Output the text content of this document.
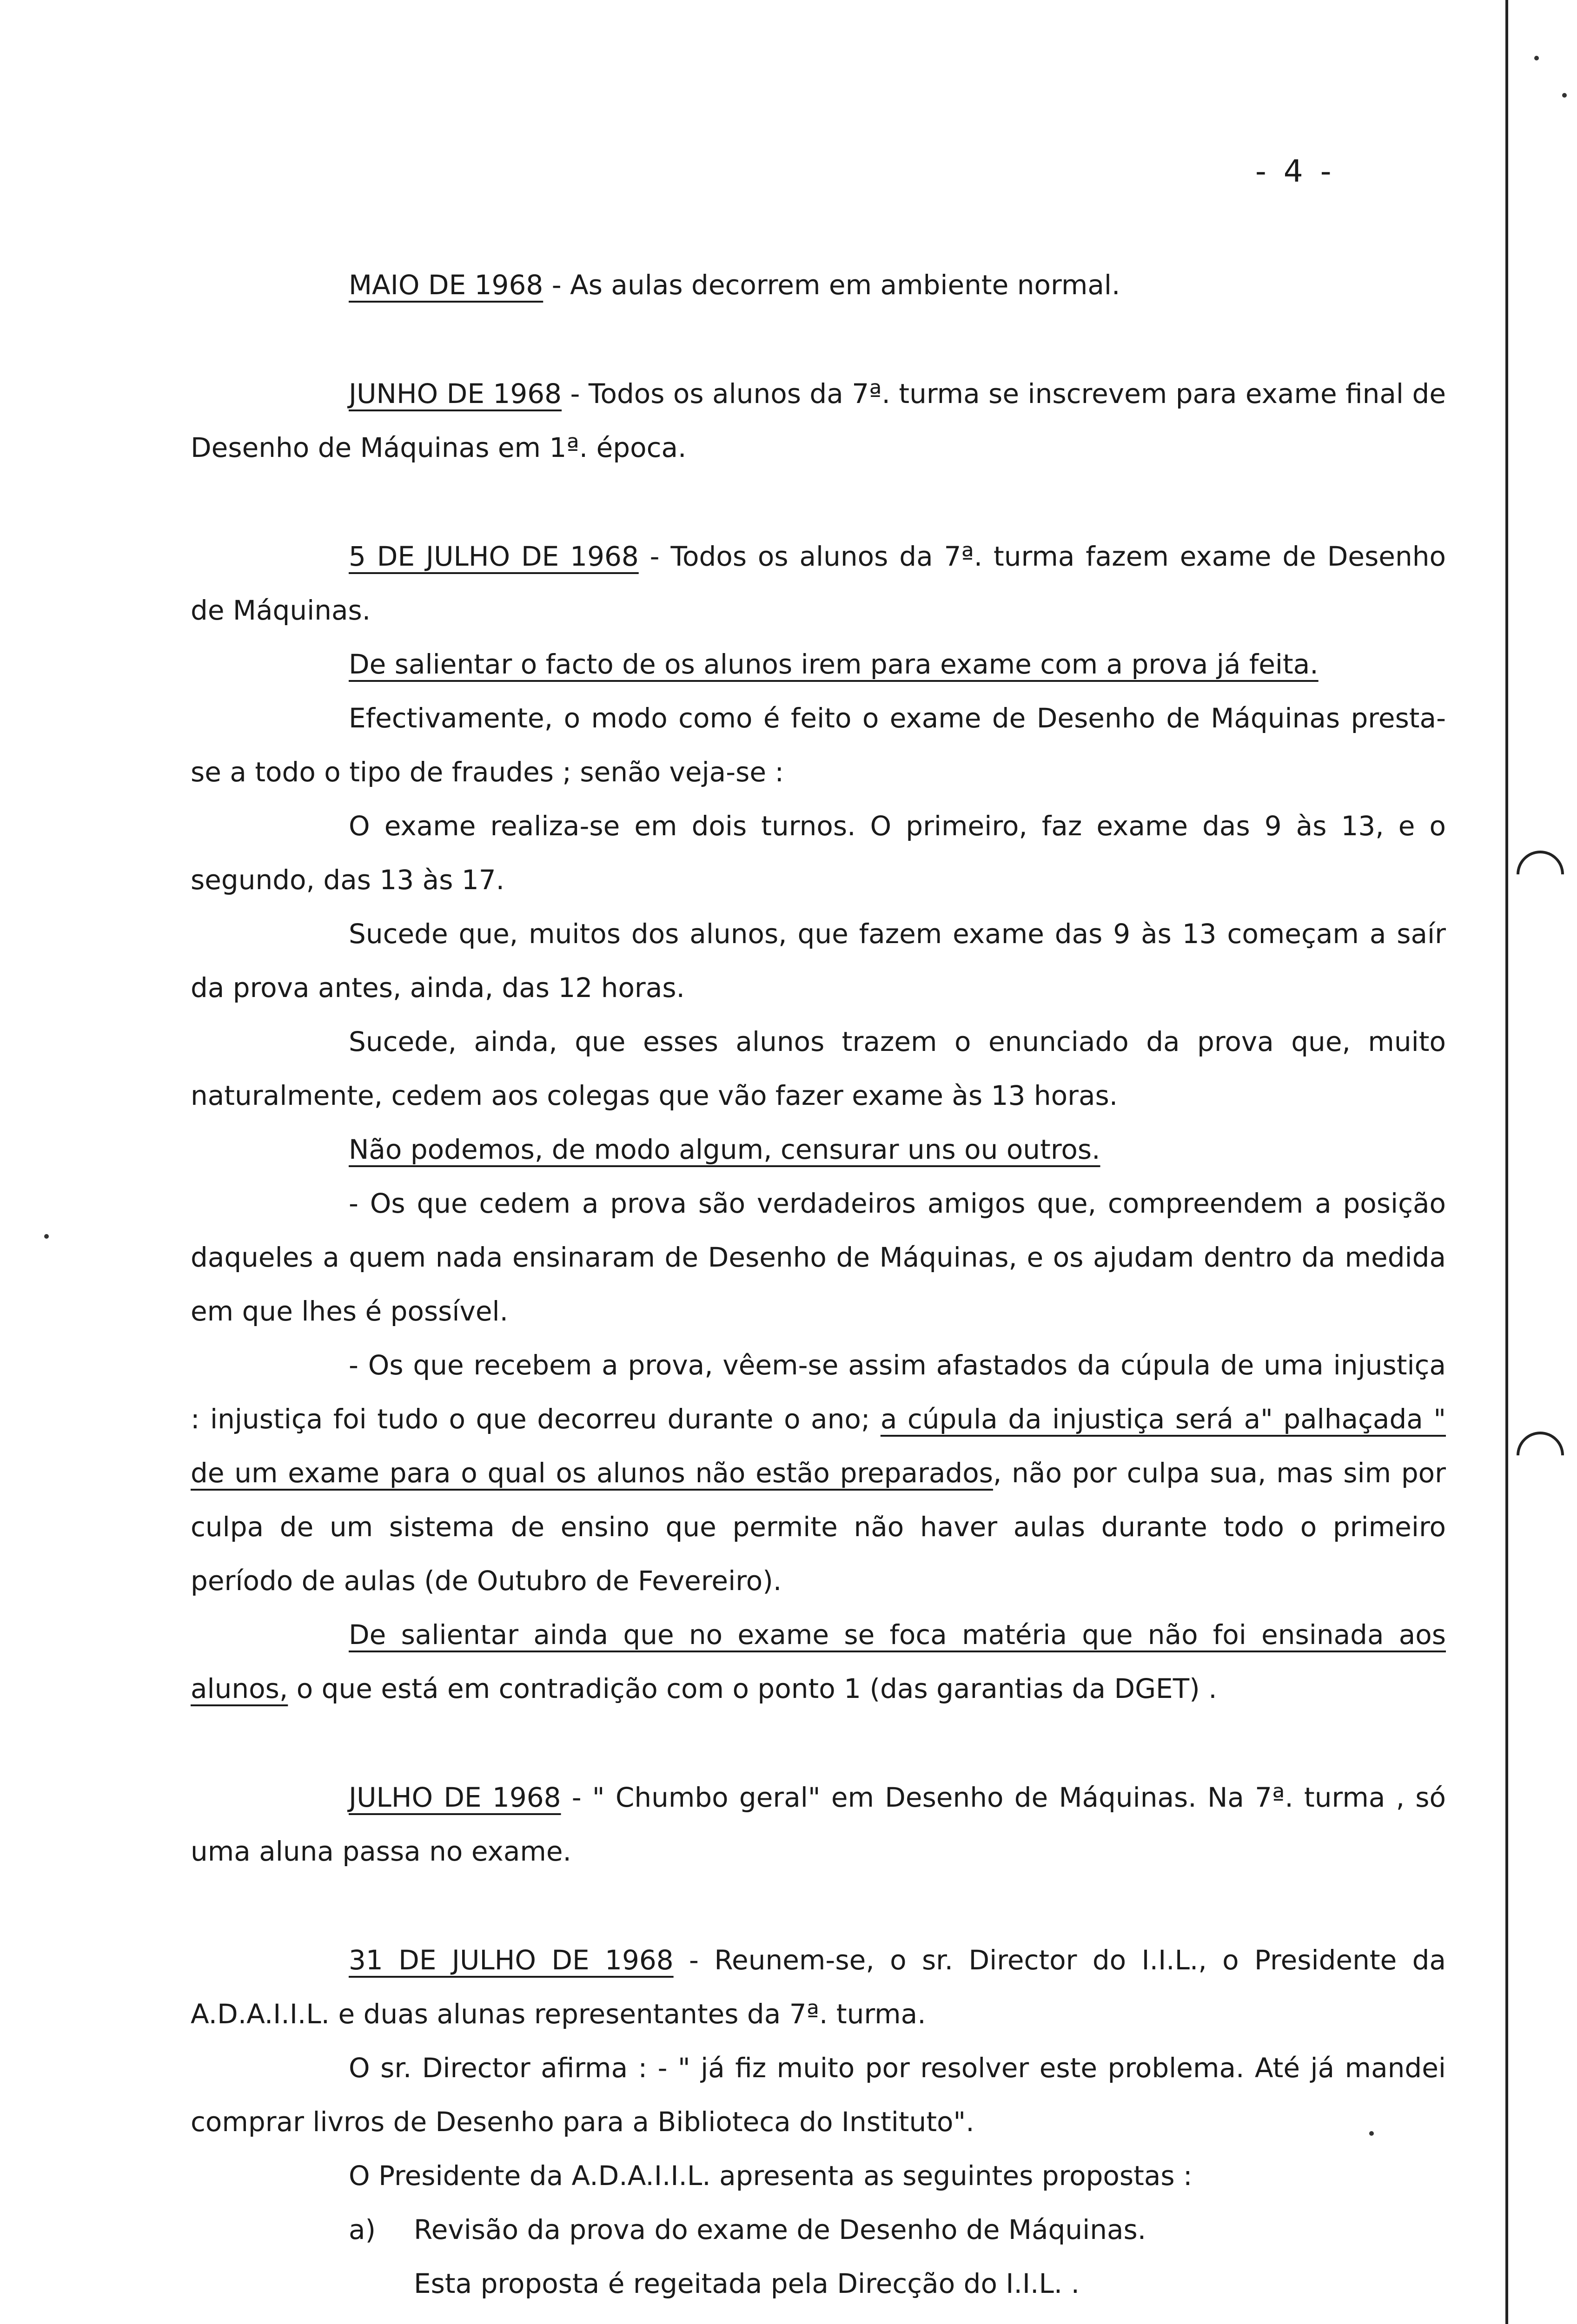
- 4 -

MAIO DE 1968 - As aulas decorrem em ambiente normal.

JUNHO DE 1968 - Todos os alunos da 7ª. turma se inscrevem para exame final de Desenho de Máquinas em 1ª. época.

5 DE JULHO DE 1968 - Todos os alunos da 7ª. turma fazem exame de Desenho de Máquinas.

De salientar o facto de os alunos irem para exame com a prova já feita.

Efectivamente, o modo como é feito o exame de Desenho de Máquinas presta-se a todo o tipo de fraudes ; senão veja-se :

O exame realiza-se em dois turnos. O primeiro, faz exame das 9 às 13, e o segundo, das 13 às 17.

Sucede que, muitos dos alunos, que fazem exame das 9 às 13 começam a saír da prova antes, ainda, das 12 horas.

Sucede, ainda, que esses alunos trazem o enunciado da prova que, muito naturalmente, cedem aos colegas que vão fazer exame às 13 horas.

Não podemos, de modo algum, censurar uns ou outros.

- Os que cedem a prova são verdadeiros amigos que, compreendem a posição daqueles a quem nada ensinaram de Desenho de Máquinas, e os ajudam dentro da medida em que lhes é possível.

- Os que recebem a prova, vêem-se assim afastados da cúpula de uma injustiça : injustiça foi tudo o que decorreu durante o ano; a cúpula da injustiça será a" palhaçada " de um exame para o qual os alunos não estão preparados, não por culpa sua, mas sim por culpa de um sistema de ensino que permite não haver aulas durante todo o primeiro período de aulas (de Outubro de Fevereiro).

De salientar ainda que no exame se foca matéria que não foi ensinada aos alunos, o que está em contradição com o ponto 1 (das garantias da DGET) .

JULHO DE 1968 - " Chumbo geral" em Desenho de Máquinas. Na 7ª. turma , só uma aluna passa no exame.

31 DE JULHO DE 1968 - Reunem-se, o sr. Director do I.I.L., o Presidente da A.D.A.I.I.L. e duas alunas representantes da 7ª. turma.

O sr. Director afirma : - " já fiz muito por resolver este problema. Até já mandei comprar livros de Desenho para a Biblioteca do Instituto".

O Presidente da A.D.A.I.I.L. apresenta as seguintes propostas :

a) Revisão da prova do exame de Desenho de Máquinas.

Esta proposta é regeitada pela Direcção do I.I.L. .
